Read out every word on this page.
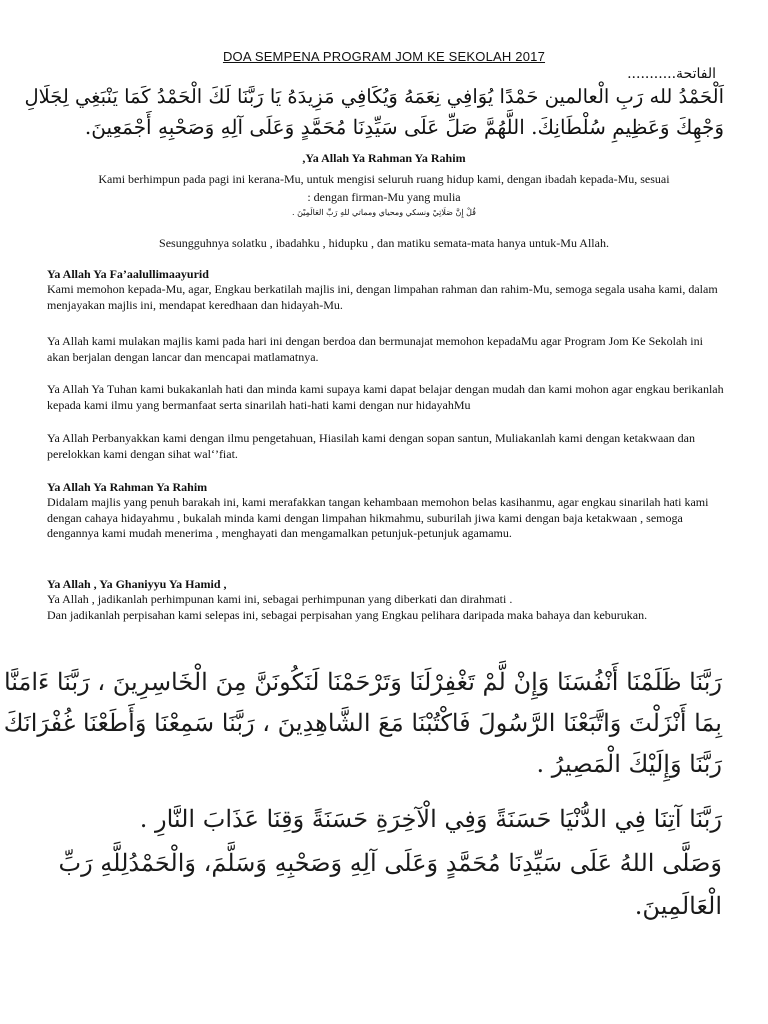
DOA SEMPENA PROGRAM JOM KE SEKOLAH 2017
الفاتحة...........
اَلْحَمْدُ لله رَبِ الْعالمين حَمْدًا يُوَافِي نِعَمَهُ وَيُكَافِي مَزِيدَهُ يَا رَبَّنَا لَكَ الْحَمْدُ كَمَا يَنْبَغِي لِجَلَالِ
وَجْهِكَ وَعَظِيمِ سُلْطَانِكَ. اللَّهُمَّ صَلِّ عَلَى سَيِّدِنَا مُحَمَّدٍ وَعَلَى آلِهِ وَصَحْبِهِ أَجْمَعِينَ.
,Ya Allah Ya Rahman Ya Rahim
Kami berhimpun pada pagi ini kerana-Mu, untuk mengisi seluruh ruang hidup kami, dengan ibadah kepada-Mu, sesuai
: dengan firman-Mu yang mulia
قُلْ إِنَّ صَلَاتِيْ ونسكي ومحياي ومماتي للهِ رَبِّ العَالَمِيْنَ .
Sesungguhnya solatku , ibadahku , hidupku , dan matiku semata-mata hanya untuk-Mu Allah.
Ya Allah Ya Fa’aalullimaayurid

Kami memohon kepada-Mu, agar, Engkau berkatilah majlis ini, dengan limpahan rahman dan rahim-Mu, semoga segala usaha kami, dalam menjayakan majlis ini, mendapat keredhaan dan hidayah-Mu.

Ya Allah kami mulakan majlis kami pada hari ini dengan berdoa dan bermunajat memohon kepadaMu agar Program Jom Ke Sekolah ini akan berjalan dengan lancar dan mencapai matlamatnya.

Ya Allah Ya Tuhan kami bukakanlah hati dan minda kami supaya kami dapat belajar dengan mudah dan kami mohon agar engkau berikanlah kepada kami ilmu yang bermanfaat serta sinarilah hati-hati kami dengan nur hidayahMu

Ya Allah Perbanyakkan kami dengan ilmu pengetahuan, Hiasilah kami dengan sopan santun, Muliakanlah kami dengan ketakwaan dan perelokkan kami dengan sihat wal‘’fiat.

Ya Allah Ya Rahman Ya Rahim

Didalam majlis yang penuh barakah ini, kami merafakkan tangan kehambaan memohon belas kasihanmu, agar engkau sinarilah hati kami dengan cahaya hidayahmu , bukalah minda kami dengan limpahan hikmahmu, suburilah jiwa kami dengan baja ketakwaan , semoga dengannya kami mudah menerima , menghayati dan mengamalkan petunjuk-petunjuk agamamu.

Ya Allah , Ya Ghaniyyu Ya Hamid ,

Ya Allah , jadikanlah perhimpunan kami ini, sebagai perhimpunan yang diberkati dan dirahmati .

Dan jadikanlah perpisahan kami selepas ini, sebagai perpisahan yang Engkau pelihara daripada maka bahaya dan keburukan.

رَبَّنَا ظَلَمْنَا أَنْفُسَنَا وَإِنْ لَّمْ تَغْفِرْلَنَا وَتَرْحَمْنَا لَنَكُونَنَّ مِنَ الْخَاسِرِينَ ، رَبَّنَا ءَامَنَّا
بِمَا أَنْزَلْتَ وَاتَّبَعْنَا الرَّسُولَ فَاكْتُبْنَا مَعَ الشَّاهِدِينَ ، رَبَّنَا سَمِعْنَا وَأَطَعْنَا غُفْرَانَكَ
رَبَّنَا وَإِلَيْكَ الْمَصِيرُ .
رَبَّنَا آتِنَا فِي الدُّنْيَا حَسَنَةً وَفِي الْآخِرَةِ حَسَنَةً وَقِنَا عَذَابَ النَّارِ .
وَصَلَّى اللهُ عَلَى سَيِّدِنَا مُحَمَّدٍ وَعَلَى آلِهِ وَصَحْبِهِ وَسَلَّمَ، وَالْحَمْدُلِلَّهِ رَبِّ
الْعَالَمِينَ.
